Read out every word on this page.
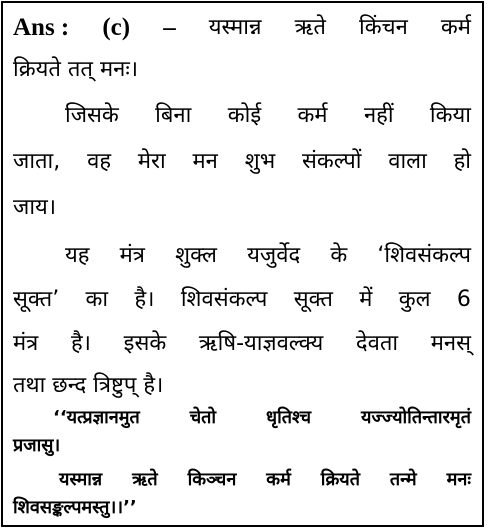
Ans : (c) – यस्मान्न ऋते किंचन कर्म
क्रियते तत् मनः।
जिसके बिना कोई कर्म नहीं किया
जाता, वह मेरा मन शुभ संकल्पों वाला हो
जाय।
यह मंत्र शुक्ल यजुर्वेद के ‘शिवसंकल्प
सूक्त’ का है। शिवसंकल्प सूक्त में कुल 6
मंत्र है। इसके ऋषि-याज्ञवल्क्य देवता मनस्
तथा छन्द त्रिष्टुप् है।
‘‘यत्प्रज्ञानमुत	चेतो	धृतिश्च	यज्ज्योतिन्तारमृतं
प्रजासु।
यस्मान्न ऋते किञ्चन कर्म क्रियते तन्मे मनः
शिवसङ्कल्पमस्तु।।’’
